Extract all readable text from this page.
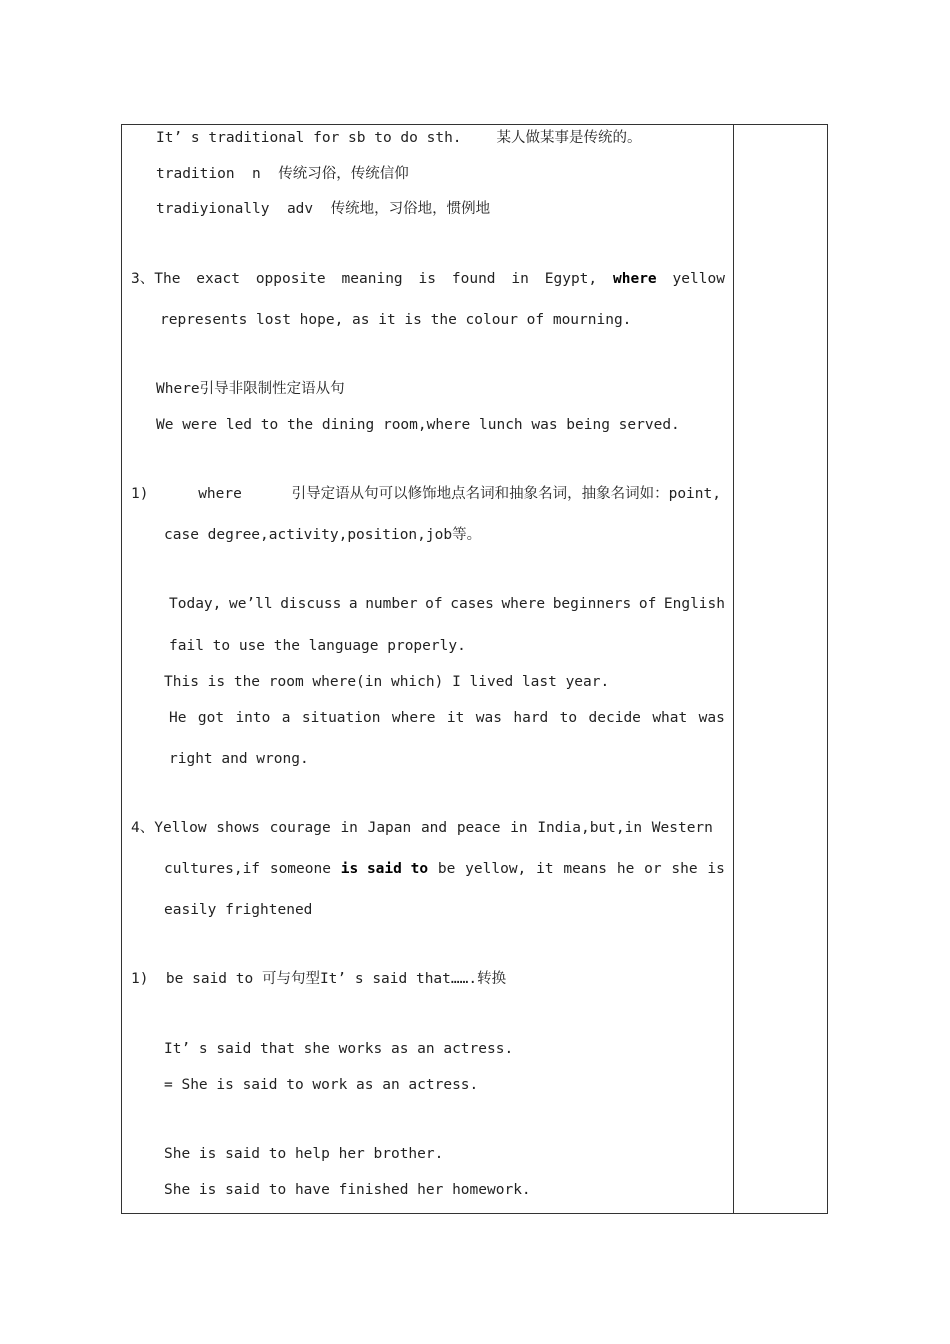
It’ s traditional for sb to do sth.    某人做某事是传统的。
tradition  n  传统习俗，传统信仰
tradiyionally  adv  传统地，习俗地，惯例地
3、The exact opposite meaning is found in Egypt, where yellow
represents lost hope, as it is the colour of mourning.
Where引导非限制性定语从句
We were led to the dining room,where lunch was being served.
1)	where	引导定语从句可以修饰地点名词和抽象名词，抽象名词如：point,
case degree,activity,position,job等。
Today, we’ll discuss a number of cases where beginners of English
fail to use the language properly.
This is the room where(in which) I lived last year.
He got into a situation where it was hard to decide what was
right and wrong.
4、Yellow shows courage in Japan and peace in India,but,in Western
cultures,if someone is said to be yellow, it means he or she is
easily frightened
1)  be said to 可与句型It’ s said that…….转换
It’ s said that she works as an actress.
= She is said to work as an actress.
She is said to help her brother.
She is said to have finished her homework.
